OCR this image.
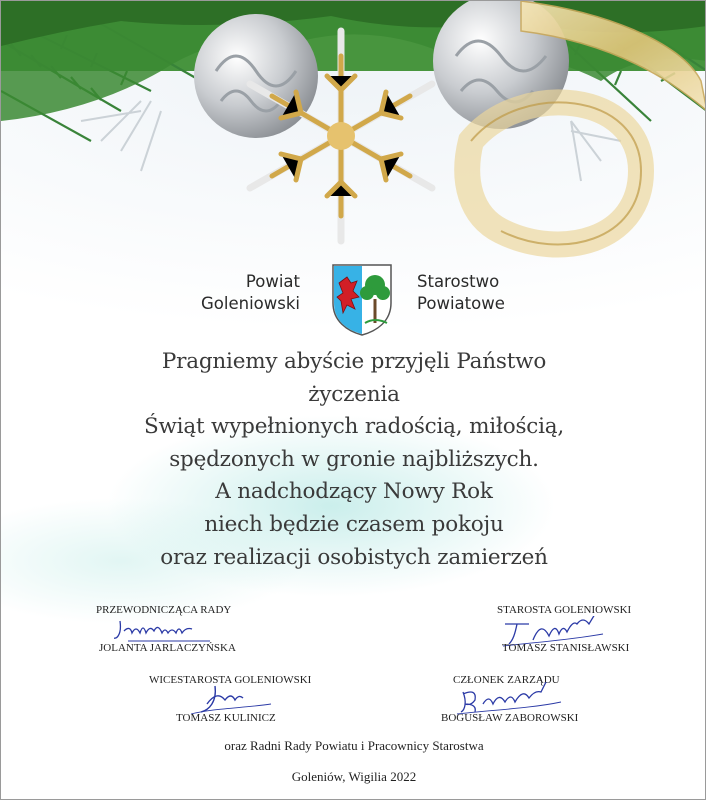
Powiat
Goleniowski
Starostwo
Powiatowe
Pragniemy abyście przyjęli Państwo
życzenia
Świąt wypełnionych radością, miłością,
spędzonych w gronie najbliższych.
A nadchodzący Nowy Rok
niech będzie czasem pokoju
oraz realizacji osobistych zamierzeń
PRZEWODNICZĄCA RADY
JOLANTA JARLACZYŃSKA
STAROSTA GOLENIOWSKI
TOMASZ STANISŁAWSKI
WICESTAROSTA GOLENIOWSKI
TOMASZ KULINICZ
CZŁONEK ZARZĄDU
BOGUSŁAW ZABOROWSKI
oraz Radni Rady Powiatu i Pracownicy Starostwa
Goleniów, Wigilia 2022
